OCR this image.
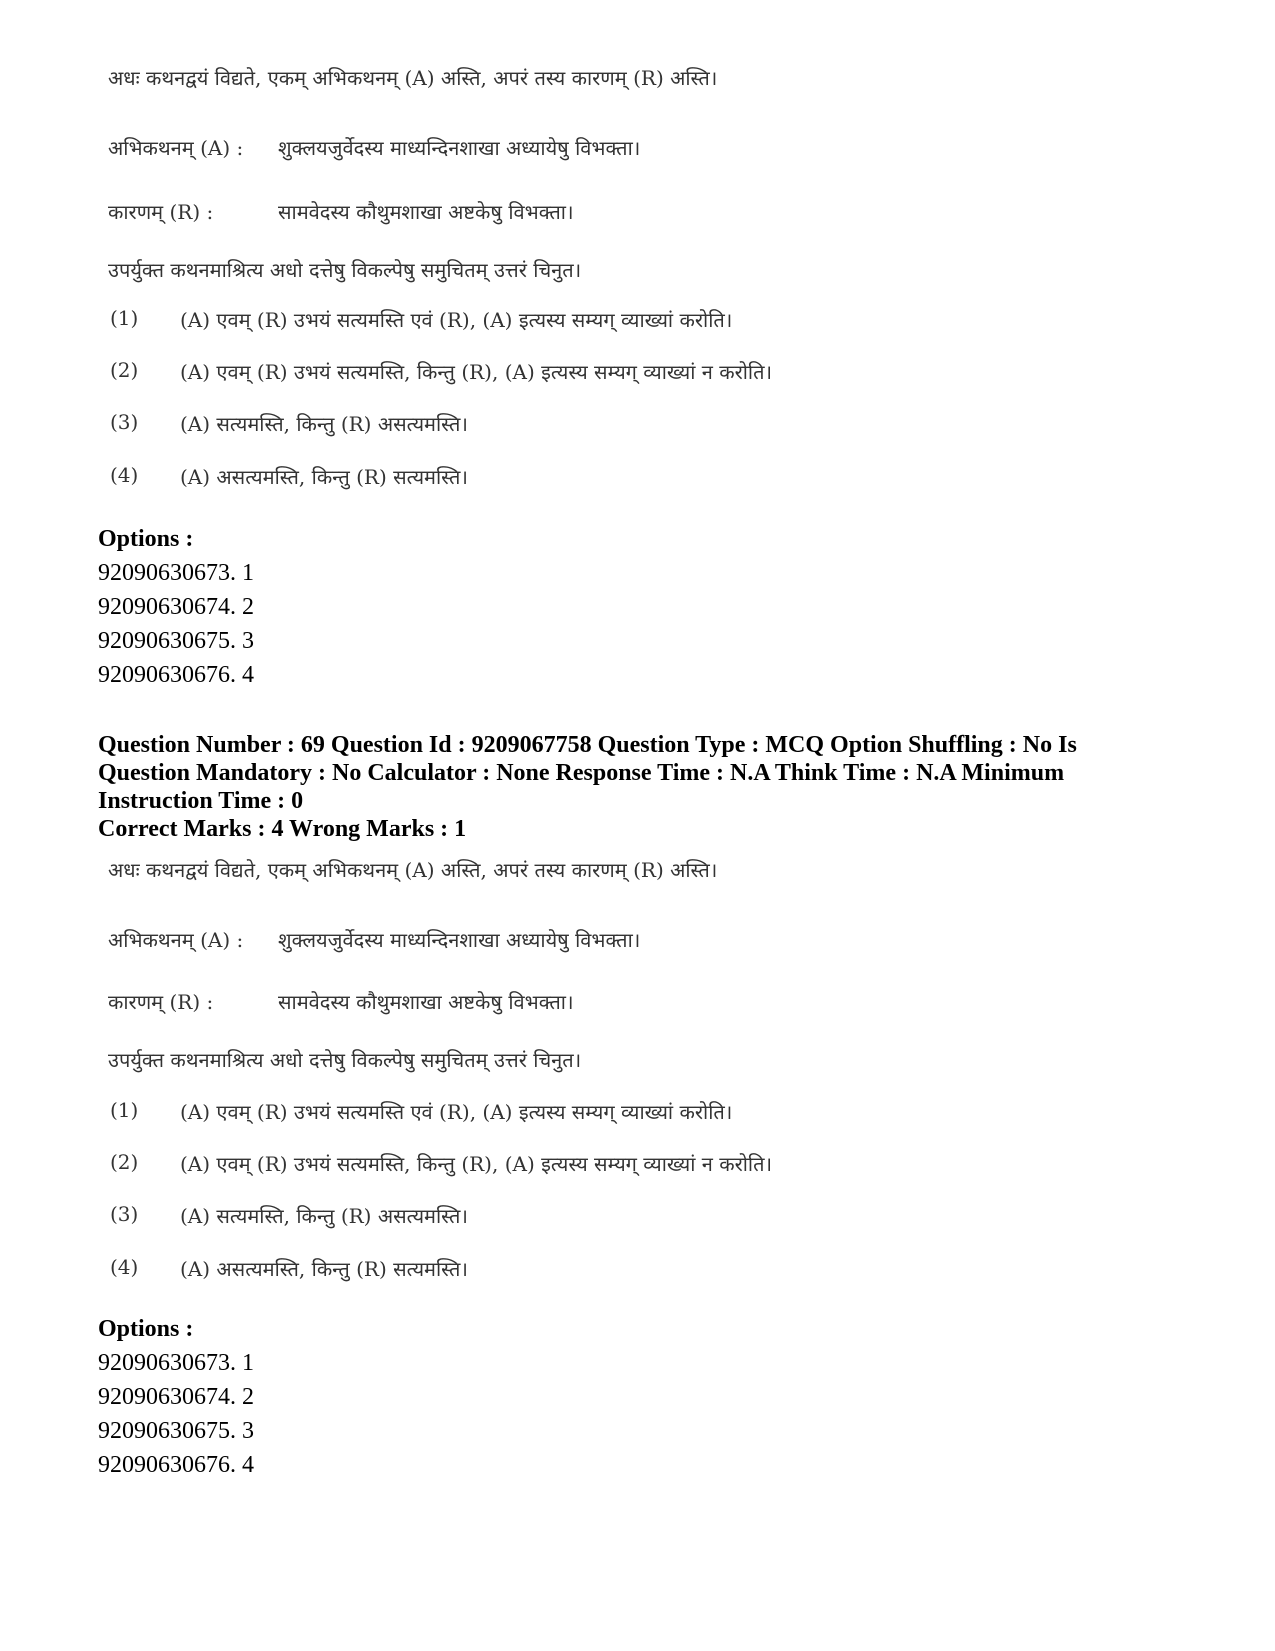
अधः कथनद्वयं विद्यते, एकम् अभिकथनम् (A) अस्ति, अपरं तस्य कारणम् (R) अस्ति।
अभिकथनम् (A) : शुक्लयजुर्वेदस्य माध्यन्दिनशाखा अध्यायेषु विभक्ता।
कारणम् (R) :	सामवेदस्य कौथुमशाखा अष्टकेषु विभक्ता।
उपर्युक्त कथनमाश्रित्य अधो दत्तेषु विकल्पेषु समुचितम् उत्तरं चिनुत।
(1) (A) एवम् (R) उभयं सत्यमस्ति एवं (R), (A) इत्यस्य सम्यग् व्याख्यां करोति।
(2) (A) एवम् (R) उभयं सत्यमस्ति, किन्तु (R), (A) इत्यस्य सम्यग् व्याख्यां न करोति।
(3) (A) सत्यमस्ति, किन्तु (R) असत्यमस्ति।
(4) (A) असत्यमस्ति, किन्तु (R) सत्यमस्ति।
Options :
92090630673. 1
92090630674. 2
92090630675. 3
92090630676. 4
Question Number : 69 Question Id : 9209067758 Question Type : MCQ Option Shuffling : No Is Question Mandatory : No Calculator : None Response Time : N.A Think Time : N.A Minimum Instruction Time : 0
Correct Marks : 4 Wrong Marks : 1
अधः कथनद्वयं विद्यते, एकम् अभिकथनम् (A) अस्ति, अपरं तस्य कारणम् (R) अस्ति।
अभिकथनम् (A) : शुक्लयजुर्वेदस्य माध्यन्दिनशाखा अध्यायेषु विभक्ता।
कारणम् (R) :	सामवेदस्य कौथुमशाखा अष्टकेषु विभक्ता।
उपर्युक्त कथनमाश्रित्य अधो दत्तेषु विकल्पेषु समुचितम् उत्तरं चिनुत।
(1) (A) एवम् (R) उभयं सत्यमस्ति एवं (R), (A) इत्यस्य सम्यग् व्याख्यां करोति।
(2) (A) एवम् (R) उभयं सत्यमस्ति, किन्तु (R), (A) इत्यस्य सम्यग् व्याख्यां न करोति।
(3) (A) सत्यमस्ति, किन्तु (R) असत्यमस्ति।
(4) (A) असत्यमस्ति, किन्तु (R) सत्यमस्ति।
Options :
92090630673. 1
92090630674. 2
92090630675. 3
92090630676. 4
